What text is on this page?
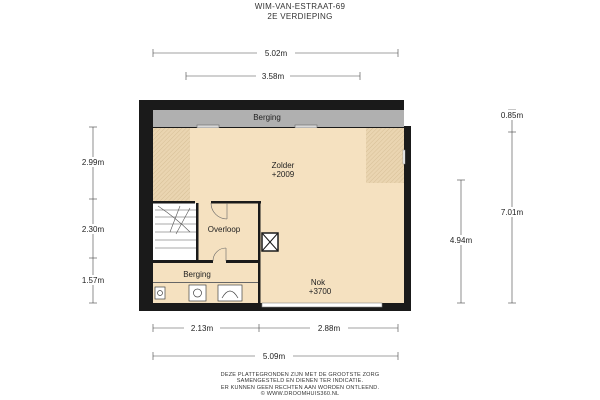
WIM-VAN-ESTRAAT-69
2E VERDIEPING
5.02m
3.58m
2.99m
2.30m
1.57m
0.85m
7.01m
4.94m
2.13m	2.88m
5.09m
Berging
Zolder
+2009
Overloop
Berging
Nok
+3700
DEZE PLATTEGRONDEN ZIJN MET DE GROOTSTE ZORG
SAMENGESTELD EN DIENEN TER INDICATIE.
ER KUNNEN GEEN RECHTEN AAN WORDEN ONTLEEND.
© WWW.DROOMHUIS360.NL
